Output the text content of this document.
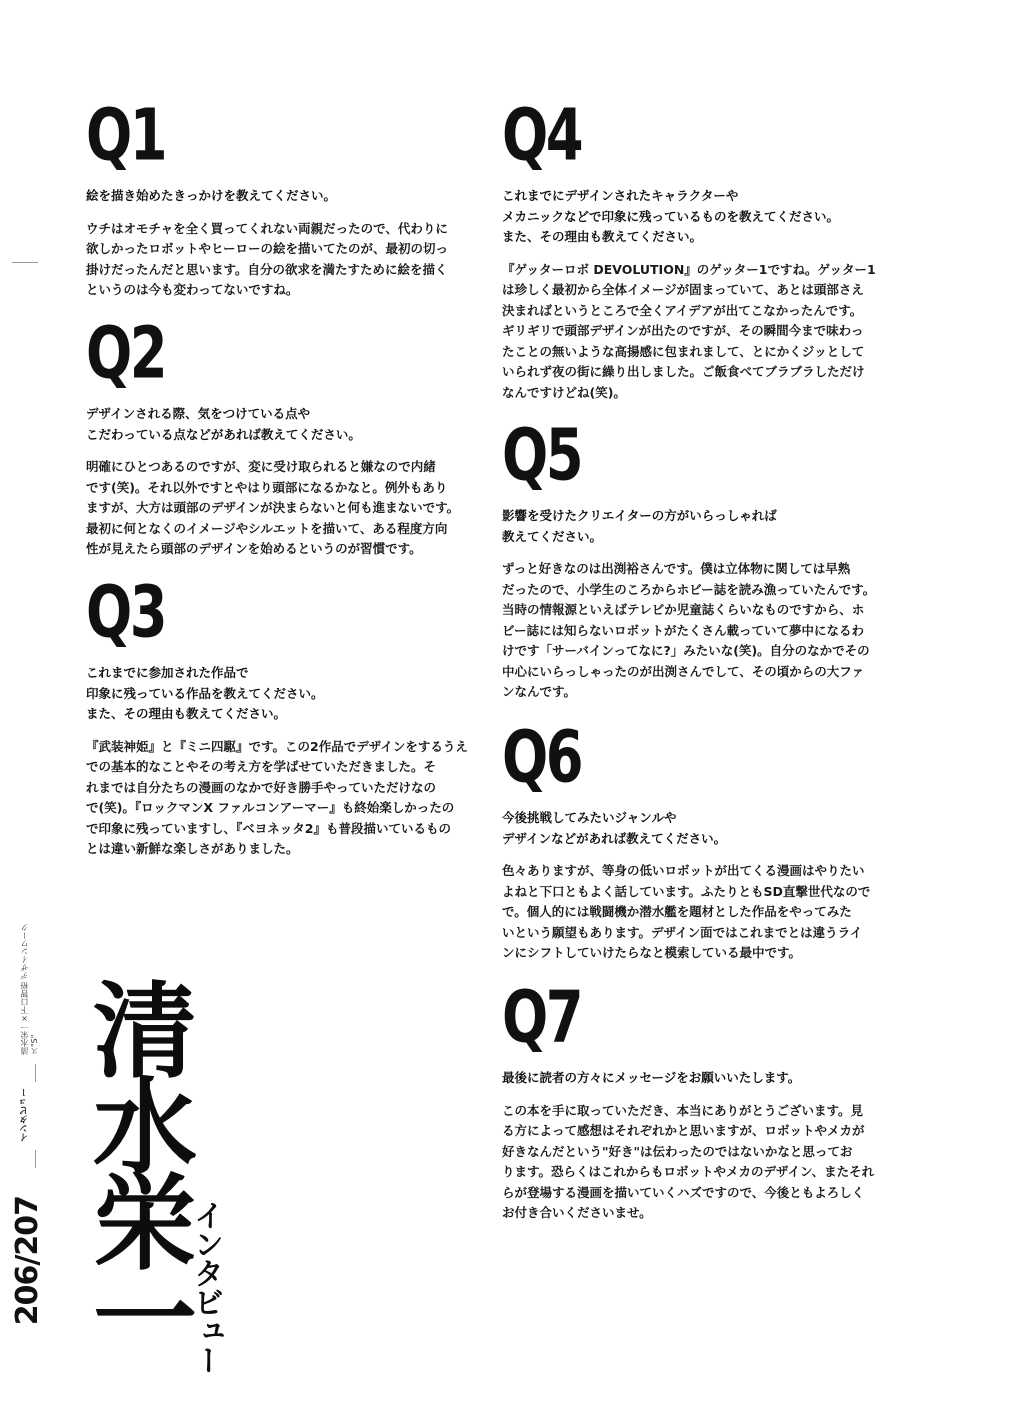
清水栄一×下口智裕 デザインワークス"S"
インタビュー
206/207 清水栄一
インタビュー
Q1

絵を描き始めたきっかけを教えてください。

ウチはオモチャを全く買ってくれない両親だったので、代わりに
欲しかったロボットやヒーローの絵を描いてたのが、最初の切っ
掛けだったんだと思います。自分の欲求を満たすために絵を描く
というのは今も変わってないですね。

Q2

デザインされる際、気をつけている点や
こだわっている点などがあれば教えてください。

明確にひとつあるのですが、変に受け取られると嫌なので内緒
です(笑)。それ以外ですとやはり頭部になるかなと。例外もあり
ますが、大方は頭部のデザインが決まらないと何も進まないです。
最初に何となくのイメージやシルエットを描いて、ある程度方向
性が見えたら頭部のデザインを始めるというのが習慣です。

Q3

これまでに参加された作品で
印象に残っている作品を教えてください。
また、その理由も教えてください。

『武装神姫』と『ミニ四駆』です。この2作品でデザインをするうえ
での基本的なことやその考え方を学ばせていただきました。そ
れまでは自分たちの漫画のなかで好き勝手やっていただけなの
で(笑)。『ロックマンX ファルコンアーマー』も終始楽しかったの
で印象に残っていますし、『ベヨネッタ2』も普段描いているもの
とは違い新鮮な楽しさがありました。

Q4

これまでにデザインされたキャラクターや
メカニックなどで印象に残っているものを教えてください。
また、その理由も教えてください。

『ゲッターロボ DEVOLUTION』のゲッター1ですね。ゲッター1
は珍しく最初から全体イメージが固まっていて、あとは頭部さえ
決まればというところで全くアイデアが出てこなかったんです。
ギリギリで頭部デザインが出たのですが、その瞬間今まで味わっ
たことの無いような高揚感に包まれまして、とにかくジッとして
いられず夜の街に繰り出しました。ご飯食べてブラブラしただけ
なんですけどね(笑)。

Q5

影響を受けたクリエイターの方がいらっしゃれば
教えてください。

ずっと好きなのは出渕裕さんです。僕は立体物に関しては早熟
だったので、小学生のころからホビー誌を読み漁っていたんです。
当時の情報源といえばテレビか児童誌くらいなものですから、ホ
ビー誌には知らないロボットがたくさん載っていて夢中になるわ
けです「サーバインってなに?」みたいな(笑)。自分のなかでその
中心にいらっしゃったのが出渕さんでして、その頃からの大ファ
ンなんです。

Q6

今後挑戦してみたいジャンルや
デザインなどがあれば教えてください。

色々ありますが、等身の低いロボットが出てくる漫画はやりたい
よねと下口ともよく話しています。ふたりともSD直撃世代なので
で。個人的には戦闘機か潜水艦を題材とした作品をやってみた
いという願望もあります。デザイン面ではこれまでとは違うライ
ンにシフトしていけたらなと模索している最中です。

Q7

最後に読者の方々にメッセージをお願いいたします。

この本を手に取っていただき、本当にありがとうございます。見
る方によって感想はそれぞれかと思いますが、ロボットやメカが
好きなんだという"好き"は伝わったのではないかなと思ってお
ります。恐らくはこれからもロボットやメカのデザイン、またそれ
らが登場する漫画を描いていくハズですので、今後ともよろしく
お付き合いくださいませ。
